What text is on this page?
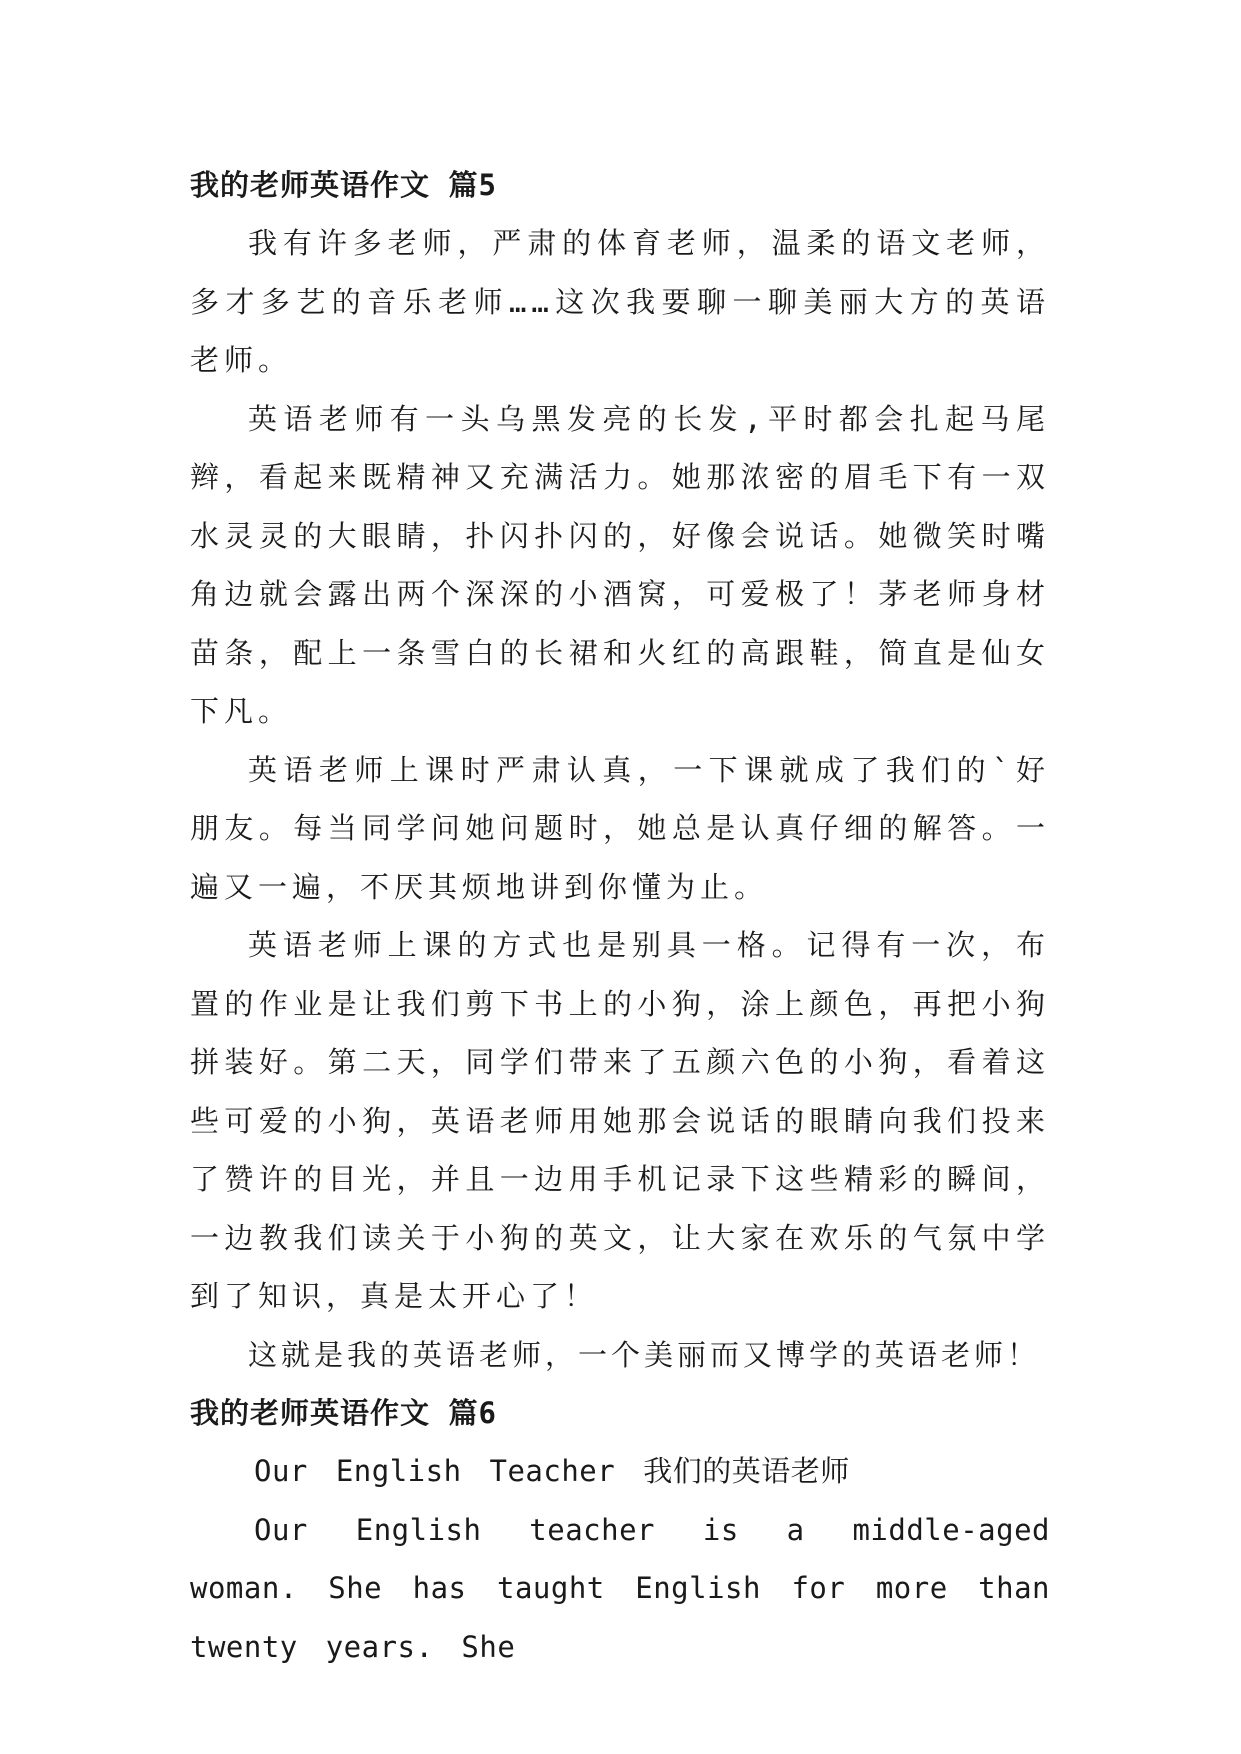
我的老师英语作文 篇5

我有许多老师，严肃的体育老师，温柔的语文老师，多才多艺的音乐老师……这次我要聊一聊美丽大方的英语老师。

英语老师有一头乌黑发亮的长发,平时都会扎起马尾辫，看起来既精神又充满活力。她那浓密的眉毛下有一双水灵灵的大眼睛，扑闪扑闪的，好像会说话。她微笑时嘴角边就会露出两个深深的小酒窝，可爱极了！茅老师身材苗条，配上一条雪白的长裙和火红的高跟鞋，简直是仙女下凡。

英语老师上课时严肃认真，一下课就成了我们的`好朋友。每当同学问她问题时，她总是认真仔细的解答。一遍又一遍，不厌其烦地讲到你懂为止。

英语老师上课的方式也是别具一格。记得有一次，布置的作业是让我们剪下书上的小狗，涂上颜色，再把小狗拼装好。第二天，同学们带来了五颜六色的小狗，看着这些可爱的小狗，英语老师用她那会说话的眼睛向我们投来了赞许的目光，并且一边用手机记录下这些精彩的瞬间，一边教我们读关于小狗的英文，让大家在欢乐的气氛中学到了知识，真是太开心了！

这就是我的英语老师，一个美丽而又博学的英语老师！

我的老师英语作文 篇6

Our English Teacher 我们的英语老师

Our English teacher is a middle-aged woman. She has taught English for more than twenty years. She
